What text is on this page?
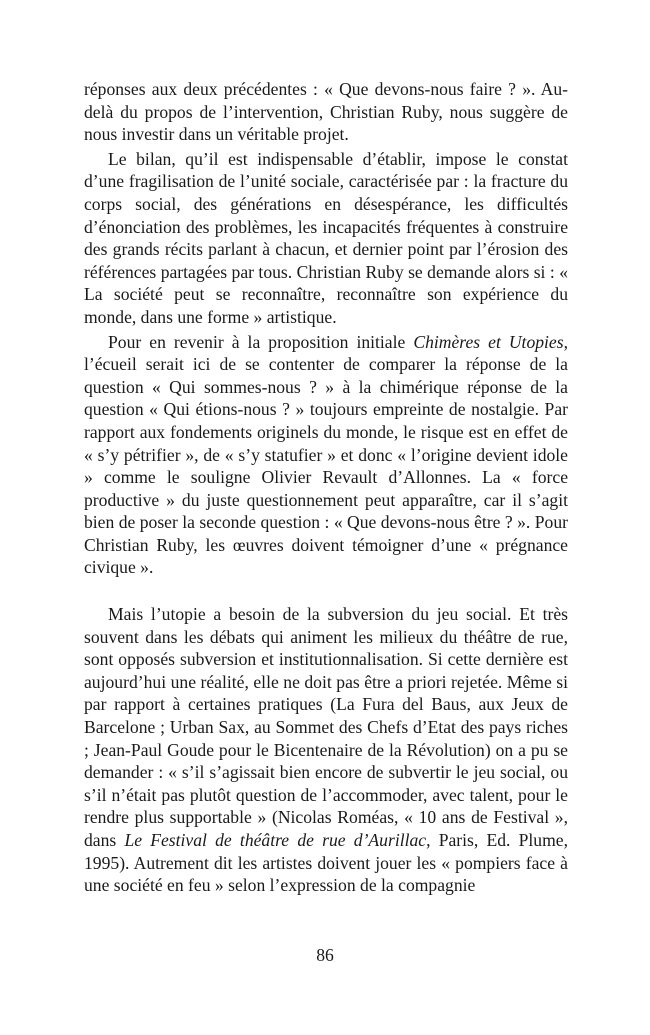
réponses aux deux précédentes : « Que devons-nous faire ? ». Au-delà du propos de l’intervention, Christian Ruby, nous suggère de nous investir dans un véritable projet.

Le bilan, qu’il est indispensable d’établir, impose le constat d’une fragilisation de l’unité sociale, caractérisée par : la fracture du corps social, des générations en désespérance, les difficultés d’énonciation des problèmes, les incapacités fréquentes à construire des grands récits parlant à chacun, et dernier point par l’érosion des références partagées par tous. Christian Ruby se demande alors si : « La société peut se reconnaître, reconnaître son expérience du monde, dans une forme » artistique.

Pour en revenir à la proposition initiale Chimères et Utopies, l’écueil serait ici de se contenter de comparer la réponse de la question « Qui sommes-nous ? » à la chimérique réponse de la question « Qui étions-nous ? » toujours empreinte de nostalgie. Par rapport aux fondements originels du monde, le risque est en effet de « s’y pétrifier », de « s’y statufier » et donc « l’origine devient idole » comme le souligne Olivier Revault d’Allonnes. La « force productive » du juste questionnement peut apparaître, car il s’agit bien de poser la seconde question : « Que devons-nous être ? ». Pour Christian Ruby, les œuvres doivent témoigner d’une « prégnance civique ».

Mais l’utopie a besoin de la subversion du jeu social. Et très souvent dans les débats qui animent les milieux du théâtre de rue, sont opposés subversion et institutionnalisation. Si cette dernière est aujourd’hui une réalité, elle ne doit pas être a priori rejetée. Même si par rapport à certaines pratiques (La Fura del Baus, aux Jeux de Barcelone ; Urban Sax, au Sommet des Chefs d’Etat des pays riches ; Jean-Paul Goude pour le Bicentenaire de la Révolution) on a pu se demander : « s’il s’agissait bien encore de subvertir le jeu social, ou s’il n’était pas plutôt question de l’accommoder, avec talent, pour le rendre plus supportable » (Nicolas Roméas, « 10 ans de Festival », dans Le Festival de théâtre de rue d’Aurillac, Paris, Ed. Plume, 1995). Autrement dit les artistes doivent jouer les « pompiers face à une société en feu » selon l’expression de la compagnie

86
